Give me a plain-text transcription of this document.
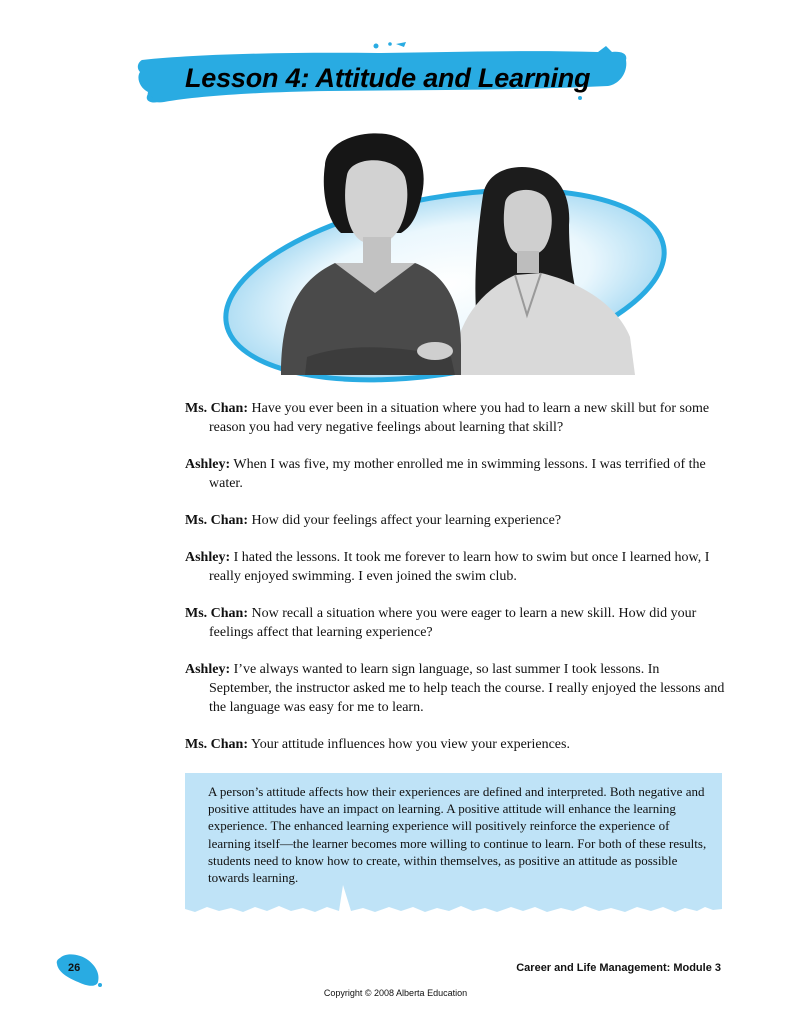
Lesson 4: Attitude and Learning

Ms. Chan: Have you ever been in a situation where you had to learn a new skill but for some reason you had very negative feelings about learning that skill?

Ashley: When I was five, my mother enrolled me in swimming lessons. I was terrified of the water.

Ms. Chan: How did your feelings affect your learning experience?

Ashley: I hated the lessons. It took me forever to learn how to swim but once I learned how, I really enjoyed swimming. I even joined the swim club.

Ms. Chan: Now recall a situation where you were eager to learn a new skill. How did your feelings affect that learning experience?

Ashley: I’ve always wanted to learn sign language, so last summer I took lessons. In September, the instructor asked me to help teach the course. I really enjoyed the lessons and the language was easy for me to learn.

Ms. Chan: Your attitude influences how you view your experiences.

A person’s attitude affects how their experiences are defined and interpreted. Both negative and positive attitudes have an impact on learning. A positive attitude will enhance the learning experience. The enhanced learning experience will positively reinforce the experience of learning itself—the learner becomes more willing to continue to learn. For both of these results, students need to know how to create, within themselves, as positive an attitude as possible towards learning.

26	Career and Life Management: Module 3
Copyright © 2008 Alberta Education
